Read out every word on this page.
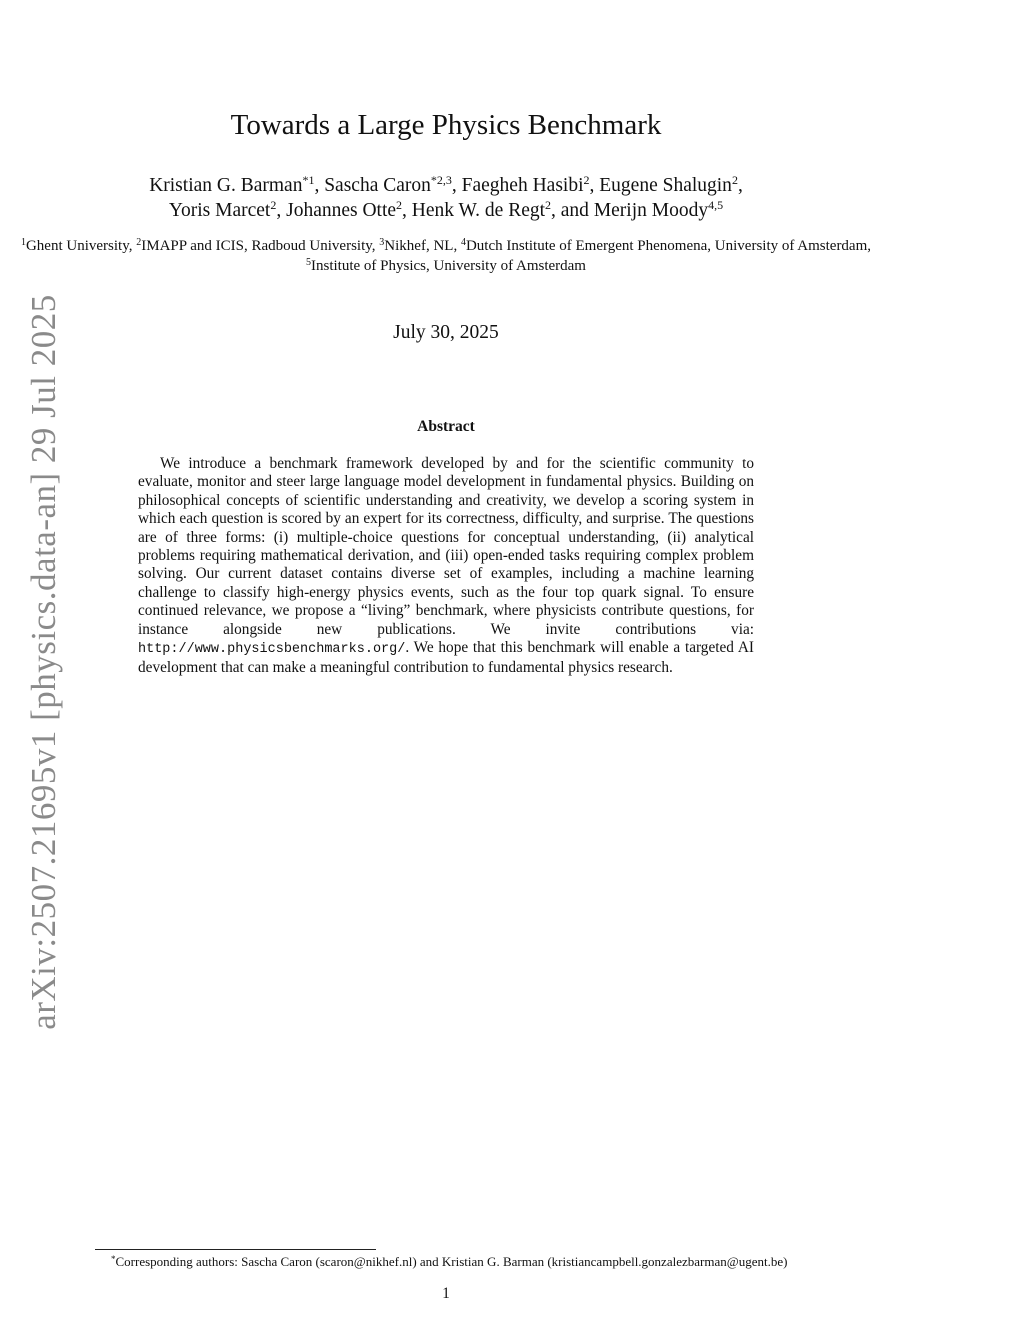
arXiv:2507.21695v1 [physics.data-an] 29 Jul 2025
Towards a Large Physics Benchmark
Kristian G. Barman$^{*1}$, Sascha Caron$^{*2,3}$, Faegheh Hasibi$^2$, Eugene Shalugin$^2$,
Yoris Marcet$^2$, Johannes Otte$^2$, Henk W. de Regt$^2$, and Merijn Moody$^{4,5}$
$^1$Ghent University, $^2$IMAPP and ICIS, Radboud University, $^3$Nikhef, NL, $^4$Dutch Institute of Emergent Phenomena, University of Amsterdam, $^5$Institute of Physics, University of Amsterdam
July 30, 2025
Abstract

We introduce a benchmark framework developed by and for the scientific community to evaluate, monitor and steer large language model development in fundamental physics. Building on philosophical concepts of scientific understanding and creativity, we develop a scoring system in which each question is scored by an expert for its correctness, difficulty, and surprise. The questions are of three forms: (i) multiple-choice questions for conceptual understanding, (ii) analytical problems requiring mathematical derivation, and (iii) open-ended tasks requiring complex problem solving. Our current dataset contains diverse set of examples, including a machine learning challenge to classify high-energy physics events, such as the four top quark signal. To ensure continued relevance, we propose a “living” benchmark, where physicists contribute questions, for instance alongside new publications. We invite contributions via: http://www.physicsbenchmarks.org/. We hope that this benchmark will enable a targeted AI development that can make a meaningful contribution to fundamental physics research.

*Corresponding authors: Sascha Caron (scaron@nikhef.nl) and Kristian G. Barman (kristiancampbell.gonzalezbarman@ugent.be)

1
